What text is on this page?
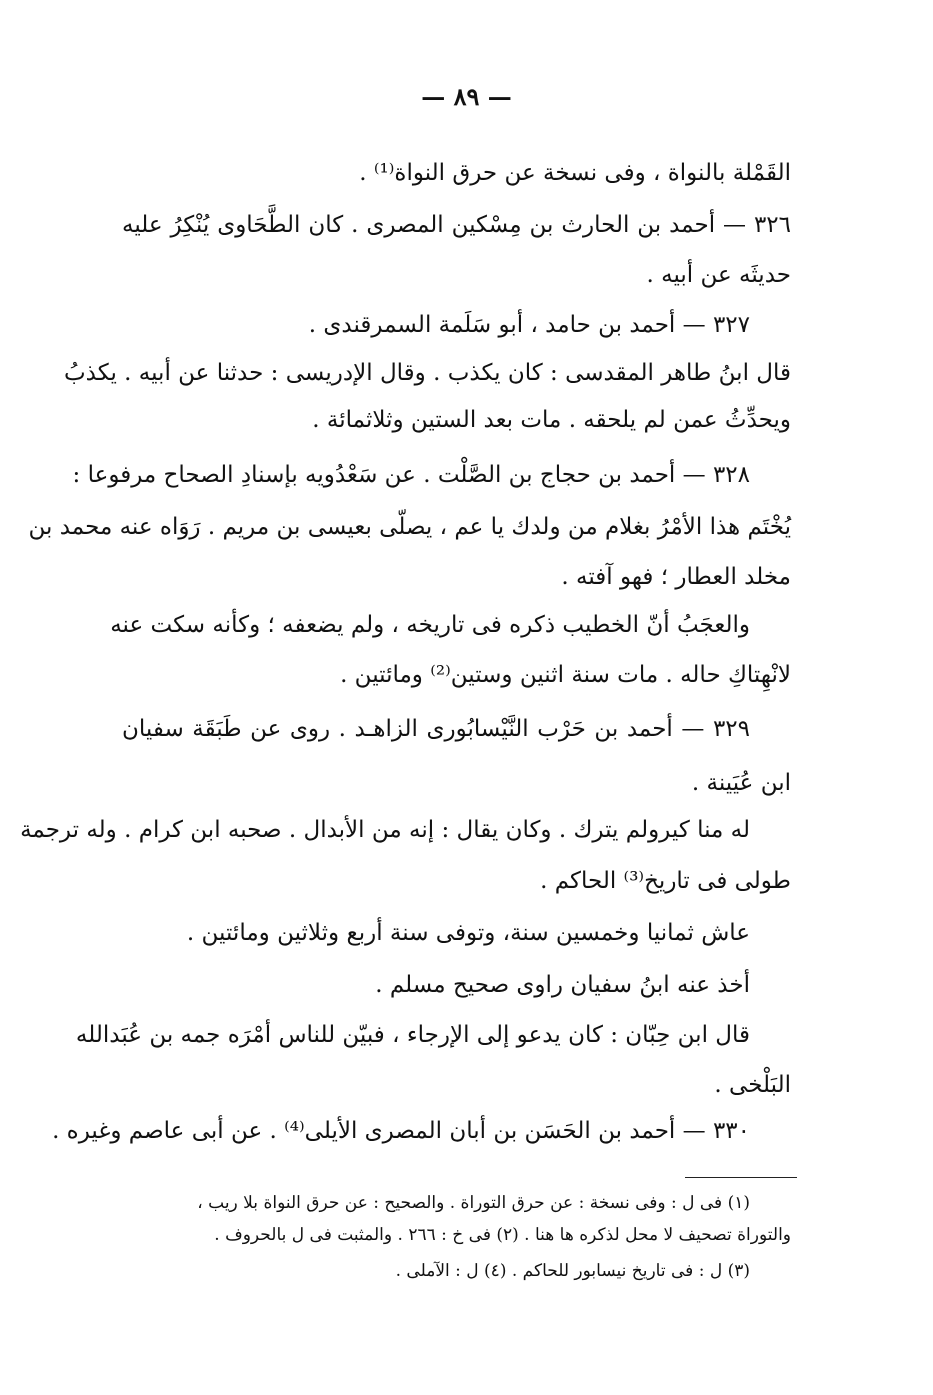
— ٨٩ —
القَمْلة بالنواة ، وفى نسخة عن حرق النواة⁽¹⁾ .
٣٢٦ — أحمد بن الحارث بن مِسْكين المصرى . كان الطَّحَاوى يُنْكِرُ عليه
حديثَه عن أبيه .
٣٢٧ — أحمد بن حامد ، أبو سَلَمة السمرقندى .
قال ابنُ طاهر المقدسى : كان يكذب . وقال الإدريسى : حدثنا عن أبيه . يكذبُ
ويحدِّثُ عمن لم يلحقه . مات بعد الستين وثلاثمائة .
٣٢٨ — أحمد بن حجاج بن الصَّلْت . عن سَعْدُويه بإسنادِ الصحاح مرفوعا :
يُخْتَم هذا الأمْرُ بغلام من ولدك يا عم ، يصلّى بعيسى بن مريم . رَوَاه عنه محمد بن
مخلد العطار ؛ فهو آفته .
والعجَبُ أنّ الخطيب ذكره فى تاريخه ، ولم يضعفه ؛ وكأنه سكت عنه
لانْهِتاكِ حاله . مات سنة اثنين وستين⁽²⁾ ومائتين .
٣٢٩ — أحمد بن حَرْب النَّيْسابُورى الزاهـد . روى عن طَبَقَة سفيان
ابن عُيَينة .
له منا كيرولم يترك . وكان يقال : إنه من الأبدال . صحبه ابن كرام . وله ترجمة
طولى فى تاريخ⁽³⁾ الحاكم .
عاش ثمانيا وخمسين سنة، وتوفى سنة أربع وثلاثين ومائتين .
أخذ عنه ابنُ سفيان راوى صحيح مسلم .
قال ابن حِبّان : كان يدعو إلى الإرجاء ، فبيّن للناس أمْرَه جمه بن عُبَدالله
البَلْخى .
٣٣٠ — أحمد بن الحَسَن بن أبان المصرى الأيلى⁽⁴⁾ . عن أبى عاصم وغيره .
(١) فى ل : وفى نسخة : عن حرق التوراة . والصحيح : عن حرق النواة بلا ريب ،
والتوراة تصحيف لا محل لذكره ها هنا . (٢) فى خ : ٢٦٦ . والمثبت فى ل بالحروف .
(٣) ل : فى تاريخ نيسابور للحاكم . (٤) ل : الآملى .
